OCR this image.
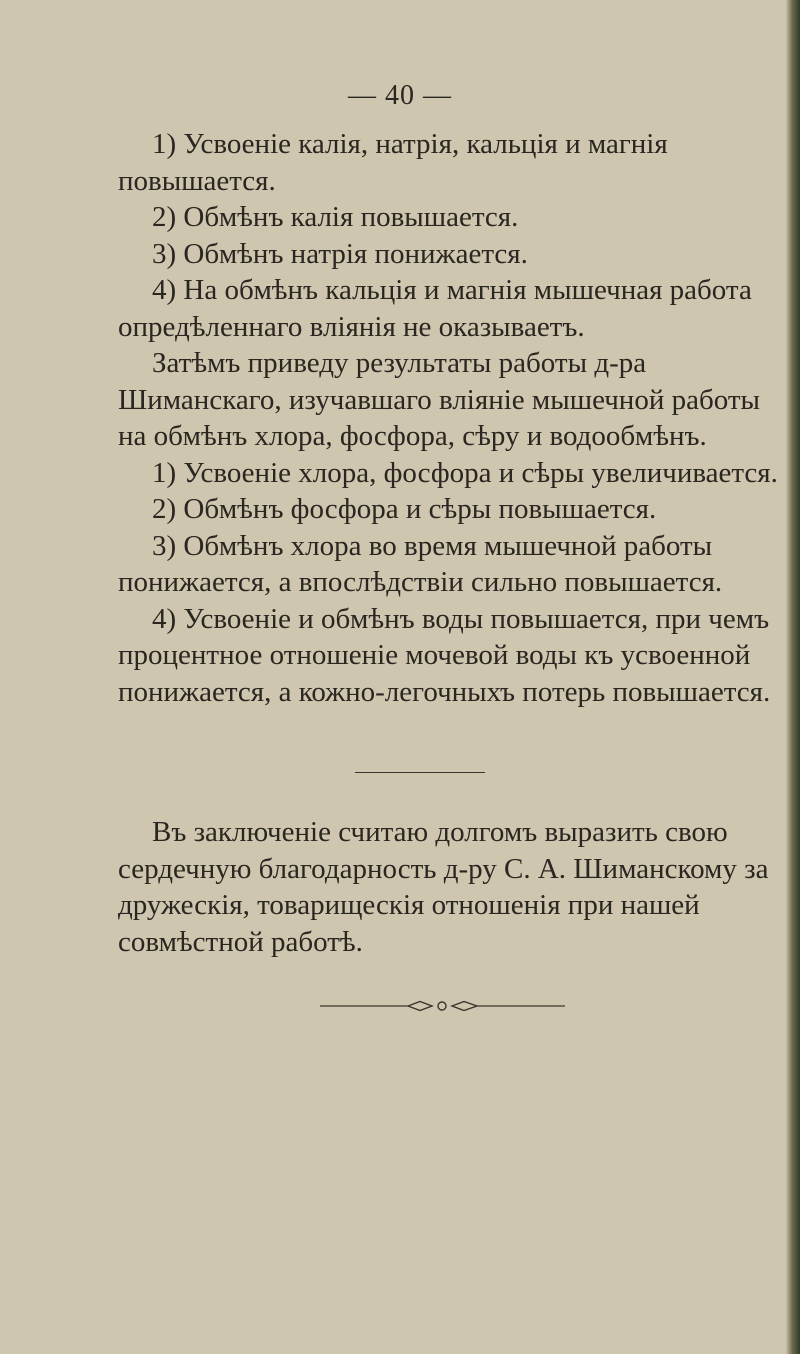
— 40 —

1) Усвоеніе калія, натрія, кальція и магнія повышается.

2) Обмѣнъ калія повышается.

3) Обмѣнъ натрія понижается.

4) На обмѣнъ кальція и магнія мышечная работа опредѣленнаго вліянія не оказываетъ.

Затѣмъ приведу результаты работы д-ра Шиманскаго, изучавшаго вліяніе мышечной работы на обмѣнъ хлора, фосфора, сѣру и водообмѣнъ.

1) Усвоеніе хлора, фосфора и сѣры увеличивается.

2) Обмѣнъ фосфора и сѣры повышается.

3) Обмѣнъ хлора во время мышечной работы понижается, а впослѣдствіи сильно повышается.

4) Усвоеніе и обмѣнъ воды повышается, при чемъ процентное отношеніе мочевой воды къ усвоенной понижается, а кожно-легочныхъ потерь повышается.

Въ заключеніе считаю долгомъ выразить свою сердечную благодарность д-ру С. А. Шиманскому за дружескія, товарищескія отношенія при нашей совмѣстной работѣ.
